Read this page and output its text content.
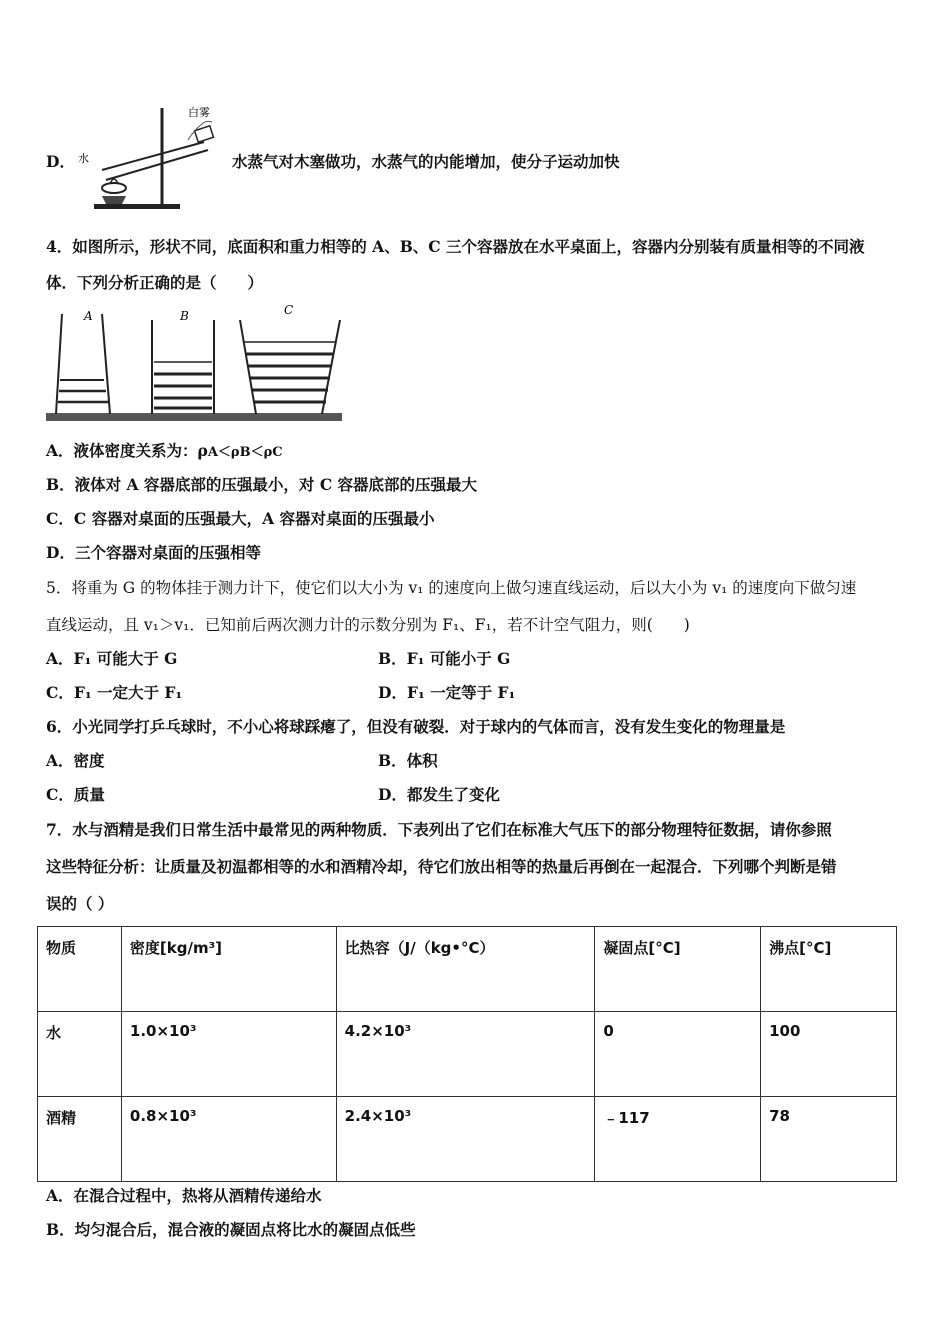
D．
白雾
水	水蒸气对木塞做功，水蒸气的内能增加，使分子运动加快
4．如图所示，形状不同，底面积和重力相等的 A、B、C 三个容器放在水平桌面上，容器内分别装有质量相等的不同液
体．下列分析正确的是（　　）
A	B	C
A．液体密度关系为：ρA＜ρB＜ρC
B．液体对 A 容器底部的压强最小，对 C 容器底部的压强最大
C．C 容器对桌面的压强最大，A 容器对桌面的压强最小
D．三个容器对桌面的压强相等
5．将重为 G 的物体挂于测力计下，使它们以大小为 v₁ 的速度向上做匀速直线运动，后以大小为 v₁ 的速度向下做匀速
直线运动，且 v₁＞v₁．已知前后两次测力计的示数分别为 F₁、F₁，若不计空气阻力，则(　　)
A．F₁ 可能大于 G	B．F₁ 可能小于 G
C．F₁ 一定大于 F₁	D．F₁ 一定等于 F₁
6．小光同学打乒乓球时，不小心将球踩瘪了，但没有破裂．对于球内的气体而言，没有发生变化的物理量是
A．密度	B．体积
C．质量	D．都发生了变化
7．水与酒精是我们日常生活中最常见的两种物质．下表列出了它们在标准大气压下的部分物理特征数据，请你参照
这些特征分析：让质量及初温都相等的水和酒精冷却，待它们放出相等的热量后再倒在一起混合．下列哪个判断是错
误的（ ）
物质	密度[kg/m³]	比热容（J/（kg•°C）	凝固点[°C]	沸点[°C]
水	1.0×10³	4.2×10³	0	100
酒精	0.8×10³	2.4×10³	﹣117	78
A．在混合过程中，热将从酒精传递给水
B．均匀混合后，混合液的凝固点将比水的凝固点低些
